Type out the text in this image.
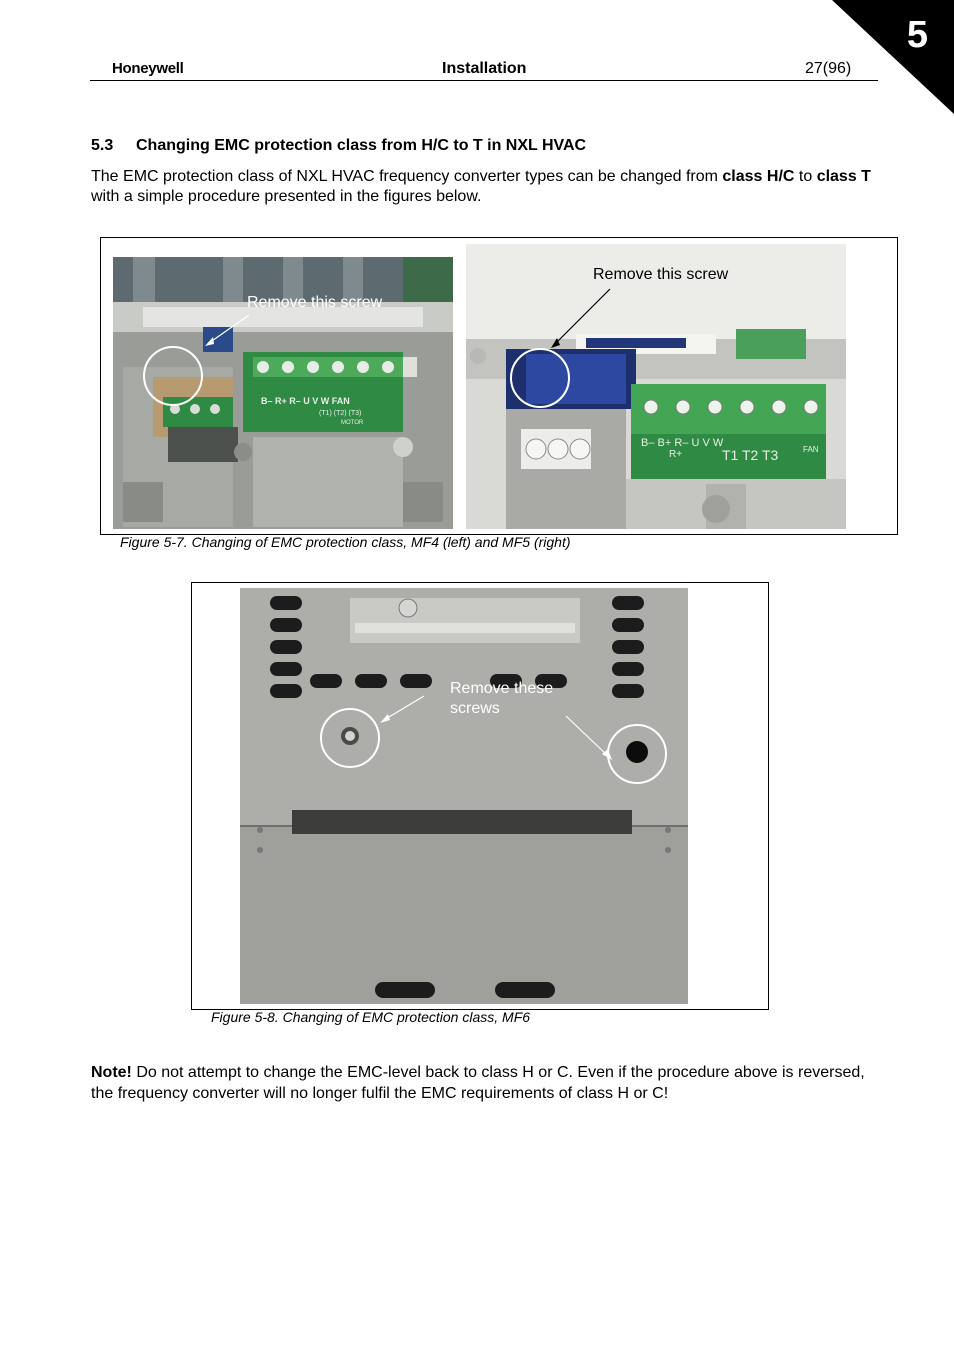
5
Honeywell	Installation	27(96)
5.3 Changing EMC protection class from H/C to T in NXL HVAC
The EMC protection class of NXL HVAC frequency converter types can be changed from class H/C to class T with a simple procedure presented in the figures below.
B– R+ R– U V W FAN
(T1) (T2) (T3)
MOTOR
Remove this screw
B– B+ R– U V W
R+	T1 T2 T3	FAN
Remove this screw
Figure 5-7. Changing of EMC protection class, MF4 (left) and MF5 (right)
Remove these
screws
Figure 5-8. Changing of EMC protection class, MF6
Note! Do not attempt to change the EMC-level back to class H or C. Even if the procedure above is reversed, the frequency converter will no longer fulfil the EMC requirements of class H or C!
